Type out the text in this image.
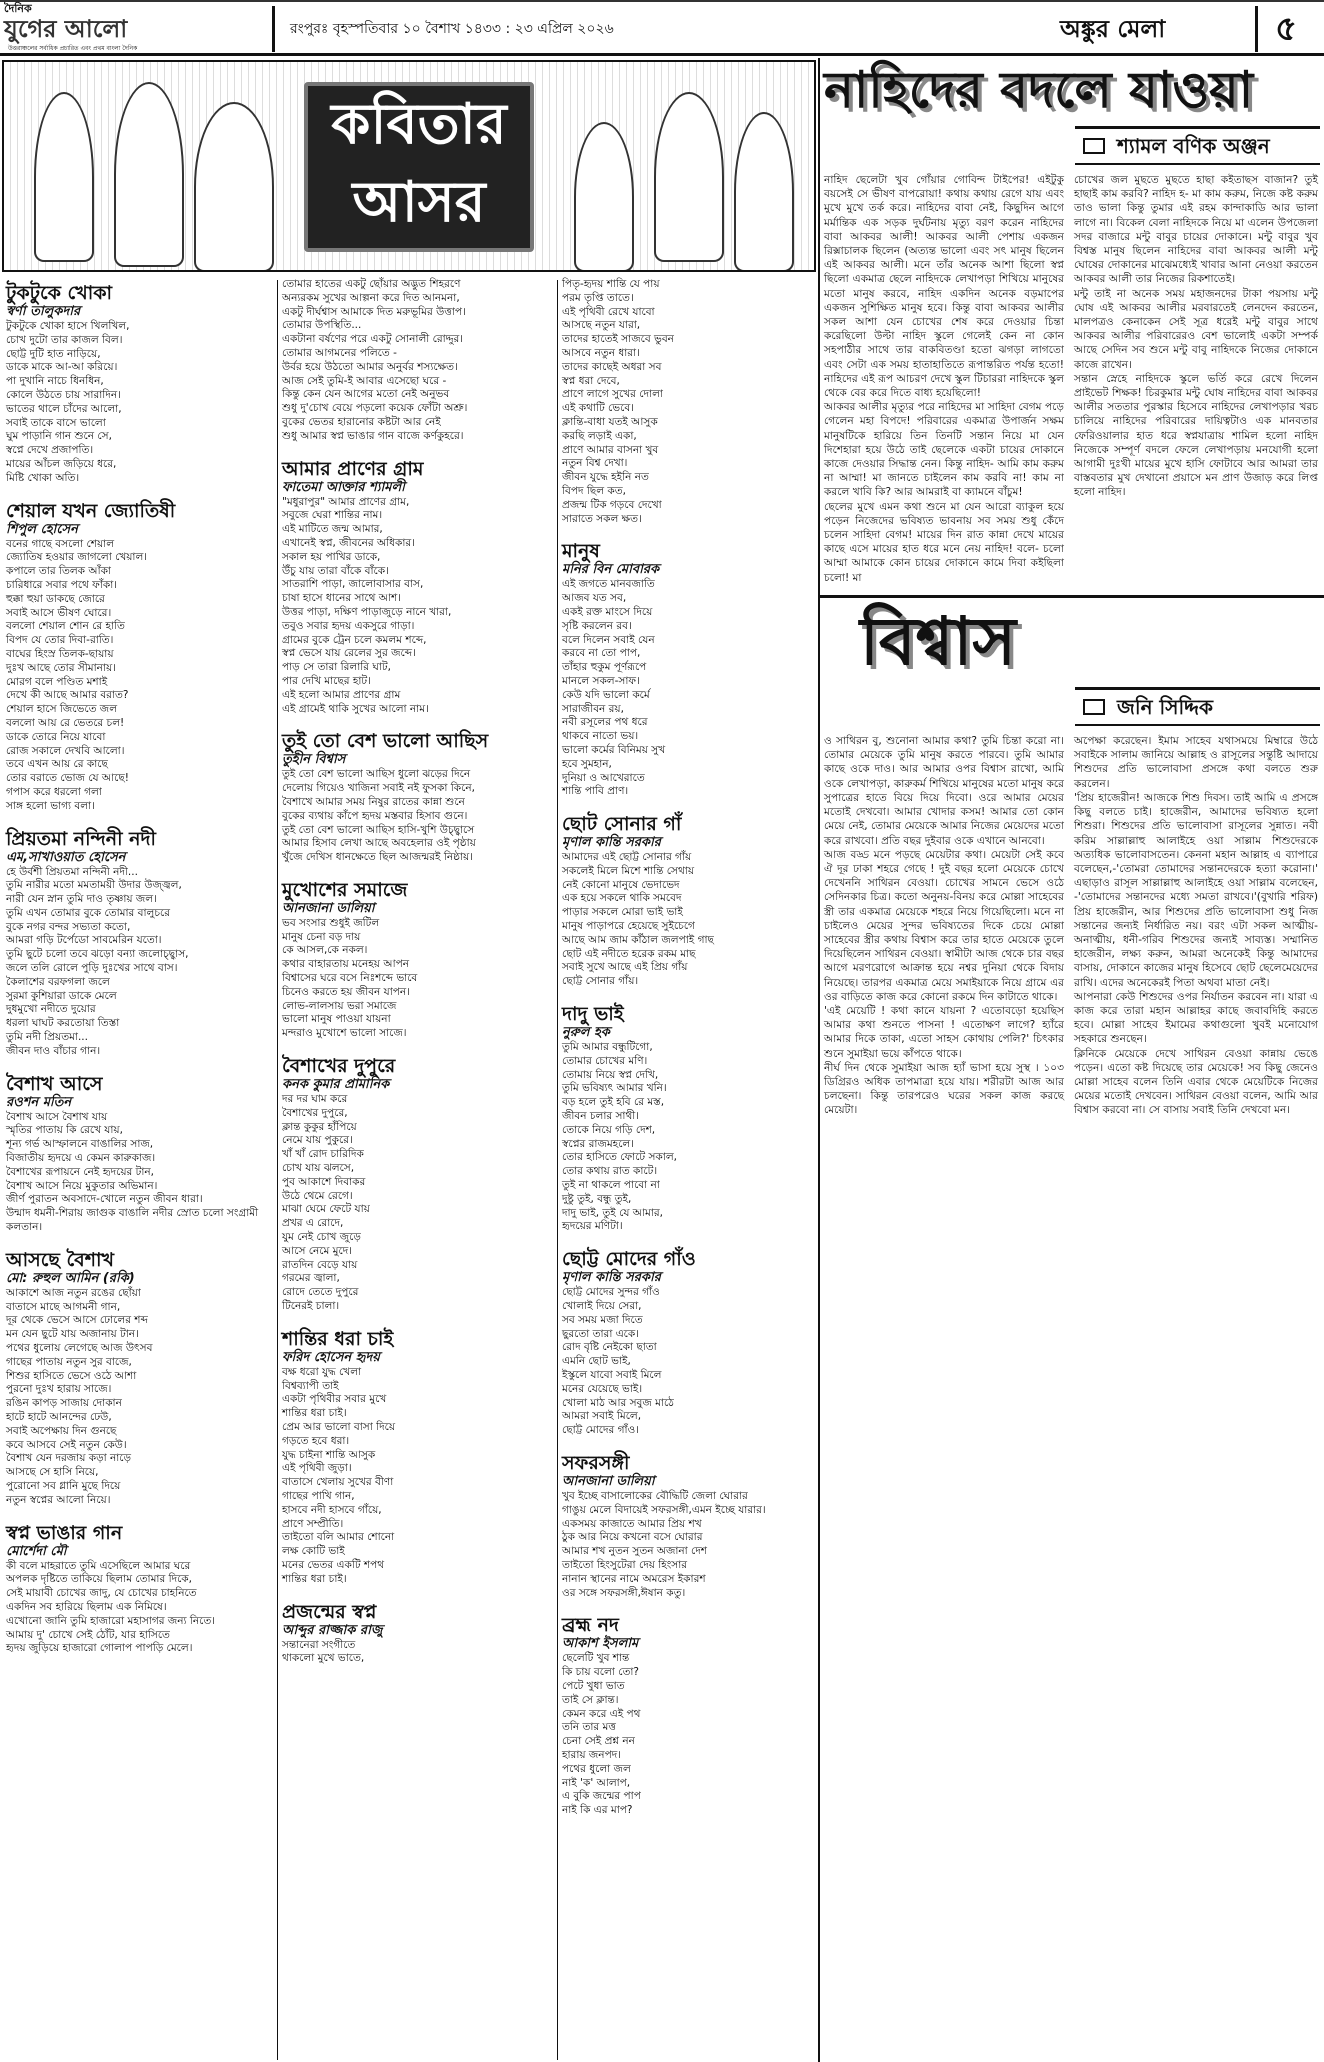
দৈনিক
যুগের আলো
উত্তরাঞ্চলের সর্বাধিক প্রচারিত এবং প্রথম বাংলা দৈনিক
রংপুরঃ বৃহস্পতিবার ১০ বৈশাখ ১৪৩৩ : ২৩ এপ্রিল ২০২৬	অঙ্কুর মেলা	৫
কবিতার আসর
টুকটুকে খোকা
স্বর্ণা তালুকদার
টুকটুকে খোকা হাসে খিলখিল,
চোখ দুটো তার কাজল বিল।
ছোট্ট দুটি হাত নাড়িয়ে,
ডাকে মাকে আ-আ করিয়ে।
পা দুখানি নাচে ধিনধিন,
কোলে উঠতে চায় সারাদিন।
ভাতের থালে চাঁদের আলো,
সবাই তাকে বাসে ভালো
ঘুম পাড়ানি গান শুনে সে,
স্বপ্নে দেখে প্রজাপতি।
মায়ের আঁচল জড়িয়ে ধরে,
মিষ্টি খোকা অতি।
শেয়াল যখন জ্যোতিষী
শিপুল হোসেন
বনের গাছে বসলো শেয়াল
জ্যোতিষ হওয়ার জাগলো খেয়াল।
কপালে তার তিলক আঁকা
চারিধারে সবার পথে ফাঁকা।
হুক্কা হুয়া ডাকছে জোরে
সবাই আসে ভীষণ ঘোরে।
বললো শেয়াল শোন রে হাতি
বিপদ যে তোর দিবা-রাতি।
বাঘের হিংস্র তিলক-ছায়ায়
দুঃখ আছে তোর সীমানায়।
মোরগ বলে পণ্ডিত মশাই
দেখে কী আছে আমার বরাত?
শেয়াল হাসে জিভেতে জল
বললো আয় রে ভেতরে চল!
ডাকে তোরে নিয়ে যাবো
রোজ সকালে দেখবি আলো।
তবে এখন আয় রে কাছে
তোর বরাতে ভোজ যে আছে!
গপাস করে ধরলো গলা
সাঙ্গ হলো ভাগ্য বলা।
প্রিয়তমা নন্দিনী নদী
এম,সাখাওয়াত হোসেন
হে উর্বশী প্রিয়তমা নন্দিনী নদী...
তুমি নারীর মতো মমতাময়ী উদার উজ্জ্বল,
নারী যেন স্নান তুমি দাও তৃষ্ণায় জল।
তুমি এখন তোমার বুকে তোমার বালুচরে
বুকে নগর বন্দর সভ্যতা কতো,
আমরা গড়ি টর্পেডো সাবমেরিন যতো।
তুমি ছুটে চলো তবে ঝড়ো বন্যা জলোচ্ছ্বাস,
জলে তলি রোলে পুড়ি দুঃখের সাথে বাস।
কৈলাশের বরফগলা জলে
সুরমা কুশিয়ারা ডাকে মেলে
দুধমুখো নদীতে দুয়োর
ধরলা ঘাঘট করতোয়া তিস্তা
তুমি নদী প্রিয়তমা...
জীবন দাও বাঁচার গান।
বৈশাখ আসে
রওশন মতিন
বৈশাখ আসে বৈশাখ যায়
স্মৃতির পাতায় কি রেখে যায়,
শূন্য গর্ভ আস্ফালনে বাঙালির সাজ,
বিজাতীয় হৃদয়ে এ কেমন কারুকাজ।
বৈশাখের রূপায়নে নেই হৃদয়ের টান,
বৈশাখ আসে নিয়ে মুকুতার অভিমান।
জীর্ণ পুরাতন অবসাদে-খোলে নতুন জীবন ধারা।
উন্মাদ ধমনী-শিরায় জাগুক বাঙালি নদীর স্রোত চলো সংগ্রামী কলতান।
আসছে বৈশাখ
মো: রুহুল আমিন (রকি)
আকাশে আজ নতুন রঙের ছোঁয়া
বাতাসে মাছে আগমনী গান,
দূর থেকে ভেসে আসে ঢোলের শব্দ
মন যেন ছুটে যায় অজানায় টান।
পথের ধুলোয় লেগেছে আজ উৎসব
গাছের পাতায় নতুন সুর বাজে,
শিশুর হাসিতে ভেসে ওঠে আশা
পুরনো দুঃখ হারায় সাজে।
রঙিন কাপড় সাজায় দোকান
হাটে হাটে আনন্দের ঢেউ,
সবাই অপেক্ষায় দিন গুনছে
কবে আসবে সেই নতুন কেউ।
বৈশাখ যেন দরজায় কড়া নাড়ে
আসছে সে হাসি নিয়ে,
পুরোনো সব গ্লানি মুছে দিয়ে
নতুন স্বপ্নের আলো নিয়ে।
স্বপ্ন ভাঙার গান
মোর্শেদা মৌ
কী বলে মাহরাতে তুমি এসেছিলে আমার ঘরে
অপলক দৃষ্টিতে তাকিয়ে ছিলাম তোমার দিকে,
সেই মায়াবী চোখের জাদু, যে চোখের চাহনিতে
একদিন সব হারিয়ে ছিলাম এক নিমিষে।
এখোনো জানি তুমি হাজারো মহাসাগর জন্য নিতে।
আমায় দু' চোখে সেই ঠোঁট, যার হাসিতে
হৃদয় জুড়িয়ে হাজারো গোলাপ পাপড়ি মেলে।
তোমার হাতের একটু ছোঁয়ার অদ্ভুত শিহরণে
অন্যরকম সুখের আল্পনা করে দিত আনমনা,
একটু দীর্ঘশ্বাস আমাকে দিত মরুভূমির উত্তাপ।
তোমার উপস্থিতি...
একটানা বর্ষণের পরে একটু সোনালী রোদ্দুর।
তোমার আগমনের পলিতে -
উর্বর হয়ে উঠতো আমার অনুর্বর শস্যক্ষেত।
আজ সেই তুমি-ই আবার এসেছো ঘরে -
কিন্তু কেন যেন আগের মতো নেই অনুভব
শুধু দু'চোখ বেয়ে পড়লো কয়েক ফোঁটা অশ্রু।
বুকের ভেতর হারানোর কষ্টটা আর নেই
শুধু আমার স্বপ্ন ভাঙার গান বাজে কর্ণকুহরে।
আমার প্রাণের গ্রাম
ফাতেমা আক্তার শ্যামলী
"মধুরাপুর" আমার প্রাণের গ্রাম,
সবুজে ঘেরা শান্তির নাম।
এই মাটিতে জন্ম আমার,
এখানেই স্বপ্ন, জীবনের অধিকার।
সকাল হয় পাখির ডাকে,
উঁচু যায় তারা বাঁকে বাঁকে।
সাতরাশি পাড়া, জালোবাসার বাস,
চাষা হাসে ধানের সাথে আশ।
উত্তর পাড়া, দক্ষিণ পাড়াজুড়ে নানে খারা,
তবুও সবার হৃদয় একসুরে গাড়া।
গ্রামের বুকে ট্রেন চলে কমলম শব্দে,
স্বপ্ন ভেসে যায় রেলের সুর জব্দে।
পাড় সে তারা রিলারি ঘাট,
পার দেখি মাছের হাট।
এই হলো আমার প্রাণের গ্রাম
এই গ্রামেই থাকি সুখের আলো নাম।
তুই তো বেশ ভালো আছিস
তুহীন বিশ্বাস
তুই তো বেশ ভালো আছিস ধুলো ঝড়ের দিনে
দেলোয় গিয়েও খাজিনা সবাই নই ফুসকা কিনে,
বৈশাখে আমার সময় নিষুর রাতের কান্না শুনে
বুকের ব্যথায় কাঁপে হৃদয় মস্তবার হিসাব গুনে।
তুই তো বেশ ভালো আছিস হাসি-খুশি উচ্ছ্বাসে
আমার হিসাব লেখা আছে অবহেলার ওই পৃষ্ঠায়
খুঁজে দেখিস ধানক্ষেতে ছিল আজন্মরই নিষ্ঠায়।
মুখোশের সমাজে
আনজানা ডালিয়া
ভব সংসার শুধুই জটিল
মানুষ চেনা বড় দায়
কে আসল,কে নকল।
কথার বাহারতায় মনেহয় আপন
বিশ্বাসের ঘরে বসে নিঃশব্দে ভাবে
চিনেও করতে হয় জীবন যাপন।
লোভ-লালসায় ভরা সমাজে
ভালো মানুষ পাওয়া যায়না
মন্দরাও মুখোশে ভালো সাজে।
বৈশাখের দুপুরে
কনক কুমার প্রামানিক
দর দর ঘাম করে
বৈশাখের দুপুরে,
ক্লান্ত কুকুর হাঁপিয়ে
নেমে যায় পুকুরে।
খাঁ খাঁ রোদ চারিদিক
চোখ যায় ঝলসে,
পুব আকাশে দিবাকর
উঠে থেমে রেগে।
মাঝা ঘেমে ফেটে যায়
প্রখর এ রোদে,
যুম নেই চোখ জুড়ে
আসে নেমে মুদে।
রাতদিন বেড়ে যায়
গরমের জ্বালা,
রোদে তেতে দুপুরে
টিনেরই চালা।
শান্তির ধরা চাই
ফরিদ হোসেন হৃদয়
বক্ষ ধরো যুদ্ধ খেলা
বিশ্বব্যাপী তাই
একটা পৃথিবীর সবার মুখে
শান্তির ধরা চাই।
প্রেম আর ভালো বাসা দিয়ে
গড়তে হবে ধরা।
যুদ্ধ চাইনা শান্তি আসুক
এই পৃথিবী জুড়া।
বাতাসে খেলায় সুখের বীণা
গাছের পাখি গান,
হাসবে নদী হাসবে গাঁয়ে,
প্রাণে সম্প্রীতি।
তাইতো বলি আমার শোনো
লক্ষ কোটি ভাই
মনের ভেতর একটি শপথ
শান্তির ধরা চাই।
প্রজন্মের স্বপ্ন
আব্দুর রাজ্জাক রাজু
সন্তানেরা সংগীতে
থাকলো মুখে ভাতে,
পিতৃ-হৃদয় শান্তি যে পায়
পরম তৃপ্তি তাতে।
এই পৃথিবী রেখে যাবো
আসছে নতুন যারা,
তাদের হাতেই সাজবে ভুবন
আসবে নতুন ধারা।
তাদের কাছেই অধরা সব
স্বপ্ন ধরা দেবে,
প্রাণে লাগে সুখের দোলা
এই কথাটি ভেবে।
ক্লান্তি-বাধা যতই আসুক
করছি লড়াই একা,
প্রাণে আমার বাসনা খুব
নতুন বিশ্ব দেখা।
জীবন যুদ্ধে হইনি নত
বিপদ ছিল কত,
প্রজন্ম টিক গড়বে দেখো
সারাতে সকল ক্ষত।
মানুষ
মনির বিন মোবারক
এই জগতে মানবজাতি
আজব যত সব,
একই রক্ত মাংসে দিয়ে
সৃষ্টি করলেন রব।
বলে দিলেন সবাই যেন
করবে না তো পাপ,
তাঁহার হুকুম পূর্ণরূপে
মানলে সকল-সাফ।
কেউ যদি ভালো কর্মে
সারাজীবন রয়,
নবী রসূলের পথ ধরে
থাকবে নাতো ভয়।
ভালো কর্মের বিনিময় সুখ
হবে সুমহান,
দুনিয়া ও আখেরাতে
শান্তি পাবি প্রাণ।
ছোট সোনার গাঁ
মৃণাল কান্তি সরকার
আমাদের এই ছোট্ট সোনার গাঁয়
সকলেই মিলে মিশে শান্তি সেথায়
নেই কোনো মানুষে ভেদাভেদ
এক হয়ে সকলে থাকি সমবেদ
পাড়ার সকলে মোরা ভাই ভাই
মানুষ পাড়াপরে হেয়েছে সুইচেগে
আছে আম জাম কাঁঠাল জলপাই গাছ
ছোট এই নদীতে হরেক রকম মাছ
সবাই সুখে আছে এই প্রিয় গাঁয়
ছোট্ট সোনার গাঁয়।
দাদু ভাই
নুরুল হক
তুমি আমার বন্ধুটিগো,
তোমার চোখের মণি।
তোমায় নিয়ে স্বপ্ন দেখি,
তুমি ভবিষ্যৎ আমার খনি।
বড় হলে তুই হবি রে মস্ত,
জীবন চলার সাথী।
তোকে নিয়ে গড়ি দেশ,
স্বপ্নের রাজমহলে।
তোর হাসিতে ফোটে সকাল,
তোর কথায় রাত কাটে।
তুই না থাকলে পাবো না
দুষ্টু তুই, বন্ধু তুই,
দাদু ভাই, তুই যে আমার,
হৃদয়ের মণিটা।
ছোট্ট মোদের গাঁও
মৃণাল কান্তি সরকার
ছোট্ট মোদের সুন্দর গাঁও
খোলাই দিয়ে সেরা,
সব সময় মজা দিতে
ছুরতো তারা একে।
রোদ বৃষ্টি নেইকো ছাতা
এমনি ছোট ভাই,
ইস্কুলে যাবো সবাই মিলে
মনের যেয়েছে ভাই।
খোলা মাঠ আর সবুজ মাঠে
আমরা সবাই মিলে,
ছোট্ট মোদের গাঁও।
সফরসঙ্গী
আনজানা ডালিয়া
খুব ইচ্ছে বাসালোকের বৌদ্ধিটি জেলা ঘোরার
গাঙুয় মেলে বিদায়েই সফরসঙ্গী,এমন ইচ্ছে যারার।
একসময় কাজাতে আমার প্রিয় শখ
ঠুক আর নিয়ে কখনো বসে ঘোরার
আমার শখ নুতন সুতন অজানা দেশ
তাইতো হিংসুটেরা দেয় হিংসার
নানান স্থানের নামে অমরেস ইকারশ
ওর সঙ্গে সফরসঙ্গী,ঈষান কতু।
ব্রহ্ম নদ
আকাশ ইসলাম
ছেলেটি খুব শান্ত
কি চায় বলো তো?
পেটে খুধা ভাত
তাই সে ক্লান্ত।
কেমন করে এই পথ
তনি তার মত্ত
চেনা সেই প্রশ্ন নন
হারায় জনপদ।
পথের ধুলো জল
নাই 'ক' আলাপ,
এ বুকি জন্মের পাপ
নাই কি এর মাপ?
নাহিদের বদলে যাওয়া
শ্যামল বণিক অঞ্জন

নাহিদ ছেলেটা খুব গোঁয়ার গোবিন্দ টাইপের! এইটুকু বয়সেই সে ভীষণ বাপরোয়া! কথায় কথায় রেগে যায় এবং মুখে মুখে তর্ক করে। নাহিদের বাবা নেই, কিছুদিন আগে মর্মান্তিক এক সড়ক দুর্ঘটনায় মৃত্যু বরণ করেন নাহিদের বাবা আকবর আলী! আকবর আলী পেশায় একজন রিক্সাচালক ছিলেন (অত্যন্ত ভালো এবং সৎ মানুষ ছিলেন এই আকবর আলী। মনে তাঁর অনেক আশা ছিলো স্বপ্ন ছিলো একমাত্র ছেলে নাহিদকে লেখাপড়া শিখিয়ে মানুষের মতো মানুষ করবে, নাহিদ একদিন অনেক বড়মাপের একজন সুশিক্ষিত মানুষ হবে। কিন্তু বাবা আকবর আলীর সকল আশা যেন চোখের শেষ করে দেওয়ার চিন্তা করেছিলো উল্টা নাহিদ স্কুলে গেলেই কেন না কোন সহপাঠীর সাথে তার বাকবিতণ্ডা হতো ঝগড়া লাগতো এবং সেটা এক সময় হাতাহাতিতে রূপান্তরিত পর্যন্ত হতো! নাহিদের এই রূপ আচরণ দেখে স্কুল টিচাররা নাহিদকে স্কুল থেকে বের করে দিতে বাধ্য হয়েছিলো!

আকবর আলীর মৃত্যুর পরে নাহিদের মা সাহিদা বেগম পড়ে গেলেন মহা বিপদে! পরিবারের একমাত্র উপার্জন সক্ষম মানুষটিকে হারিয়ে তিন তিনটি সন্তান নিয়ে মা যেন দিশেহারা হয়ে উঠে তাই ছেলেকে একটা চায়ের দোকানে কাজে দেওয়ার সিদ্ধান্ত নেন। কিন্তু নাহিদ- আমি কাম করুম না আম্মা! মা জানতে চাইলেন কাম করবি না! কাম না করলে খাবি কি? আর আমরাই বা ক্যামনে বাঁচুম!

ছেলের মুখে এমন কথা শুনে মা যেন আরো ব্যাকুল হয়ে পড়েন নিজেদের ভবিষ্যত ভাবনায় সব সময় শুধু কেঁদে চলেন সাহিদা বেগম! মায়ের দিন রাত কান্না দেখে মায়ের কাছে এসে মায়ের হাত ধরে মনে নেয় নাহিদ! বলে- চলো আম্মা আমাকে কোন চায়ের দোকানে কামে দিবা কইছিলা চলো! মা

চোখের জল মুছতে মুছতে হাছা কইতাছস বাজান? তুই হাছাই কাম করবি? নাহিদ হ- মা কাম করুম, নিজে কষ্ট করুম তাও ভালা কিন্তু তুমার এই রহম কান্দাকাডি আর ভালা লাগে না। বিকেল বেলা নাহিদকে নিয়ে মা এলেন উপজেলা সদর বাজারে মন্টু বাবুর চায়ের দোকানে। মন্টু বাবুর খুব বিশ্বস্ত মানুষ ছিলেন নাহিদের বাবা আকবর আলী মন্টু ঘোষের দোকানের মাঝেমধ্যেই খাবার আনা নেওয়া করতেন আকবর আলী তার নিজের রিকশাতেই।

মন্টু তাই না অনেক সময় মহাজনদের টাকা পয়সায় মন্টু ঘোষ এই আকবর আলীর মরবারতেই লেনদেন করতেন, মালপত্রও কেনাকেন সেই সূত্র ধরেই মন্টু বাবুর সাথে আকবর আলীর পরিবারেরও বেশ ভালোই একটা সম্পর্ক আছে সেদিন সব শুনে মন্টু বাবু নাহিদকে নিজের দোকানে কাজে রাখেন।

সন্তান স্নেহে নাহিদকে স্কুলে ভর্তি করে রেখে দিলেন প্রাইভেট শিক্ষক! চিরকুমার মন্টু ঘোষ নাহিদের বাবা আকবর আলীর সততার পুরস্কার হিসেবে নাহিদের লেখাপড়ার খরচ চালিয়ে নাহিদের পরিবারের দায়িত্বটাও এক মানবতার ফেরিওয়ালার হাত ধরে স্বপ্নযাত্রায় শামিল হলো নাহিদ নিজেকে সম্পূর্ণ বদলে ফেলে লেখাপড়ায় মনযোগী হলো আগামী দুঃখী মায়ের মুখে হাসি ফোটাবে আর আমরা তার বাস্তবতার মুখ দেখানো প্রয়াসে মন প্রাণ উজাড় করে লিপ্ত হলো নাহিদ।

বিশ্বাস
জনি সিদ্দিক

ও সাথিরন বু, শুনোনা আমার কথা? তুমি চিন্তা করো না। তোমার মেয়েকে তুমি মানুষ করতে পারবে। তুমি আমার কাছে ওকে দাও। আর আমার ওপর বিশ্বাস রাখো, আমি ওকে লেখাপড়া, কারুকর্ম শিখিয়ে মানুষের মতো মানুষ করে সুপাত্রের হাতে বিয়ে দিয়ে দিবো। ওরে আমার মেয়ের মতোই দেখবো। আমার খোদার কসম! আমার তো কোন মেয়ে নেই, তোমার মেয়েকে আমার নিজের মেয়েদের মতো করে রাখবো। প্রতি বছর দুইবার ওকে এখানে আনবো।

আজ বড্ড মনে পড়ছে মেয়েটার কথা। মেয়েটা সেই কবে ঐ দূর ঢাকা শহরে গেছে ! দুই বছর হলো মেয়েকে চোখে দেখেননি সাথিরন বেওয়া। চোখের সামনে ভেসে ওঠে সেদিনকার চিত্র। কতো অনুনয়-বিনয় করে মোল্লা সাহেবের স্ত্রী তার একমাত্র মেয়েকে শহরে নিয়ে গিয়েছিলো। মনে না চাইলেও মেয়ের সুন্দর ভবিষ্যতের দিকে চেয়ে মোল্লা সাহেবের স্ত্রীর কথায় বিশ্বাস করে তার হাতে মেয়েকে তুলে দিয়েছিলেন সাথিরন বেওয়া। স্বামীটা আজ থেকে চার বছর আগে মরণরোগে আক্রান্ত হয়ে নশ্বর দুনিয়া থেকে বিদায় নিয়েছে। তারপর একমাত্র মেয়ে সমাইয়াকে নিয়ে গ্রামে এর ওর বাড়িতে কাজ করে কোনো রকমে দিন কাটাতে থাকে।

'এই মেয়েটি ! কথা কানে যায়না ? এতোবড়ো হয়েছিস আমার কথা শুনতে পাসনা ! এতোক্ষণ লাগে? হ্যাঁরে আমার দিকে তাকা, এতো সাহস কোথায় পেলি?' চিৎকার শুনে সুমাইয়া ভয়ে কাঁপতে থাকে।

নীর্ঘ দিন থেকে সুমাইয়া আজ হ্যাঁ ভাসা হয়ে সুস্থ । ১০৩ ডিগ্রিরও অধিক তাপমাত্রা হয়ে যায়। শরীরটা আজ আর চলছেনা। কিন্তু তারপরেও ঘরের সকল কাজ করছে মেয়েটা।

অপেক্ষা করেছেন। ইমাম সাহেব যথাসময়ে মিম্বারে উঠে সবাইকে সালাম জানিয়ে আল্লাহ ও রাসূলের সন্তুষ্টি আদায়ে শিশুদের প্রতি ভালোবাসা প্রসঙ্গে কথা বলতে শুরু করলেন।

'প্রিয় হাজেরীন! আজকে শিশু দিবস। তাই আমি এ প্রসঙ্গে কিছু বলতে চাই। হাজেরীন, আমাদের ভবিষ্যত হলো শিশুরা। শিশুদের প্রতি ভালোবাসা রাসূলের সুন্নাত। নবী করিম সাল্লাল্লাহু আলাইহে ওয়া সাল্লাম শিশুদেরকে অত্যধিক ভালোবাসতেন। কেননা মহান আল্লাহ এ ব্যাপারে বলেছেন,-'তোমরা তোমাদের সন্তানদেরকে হত্যা করোনা।' এছাড়াও রাসূল সাল্লাল্লাহু আলাইহে ওয়া সাল্লাম বলেছেন, -'তোমাদের সন্তানদের মধ্যে সমতা রাখবে।'(বুখারি শরিফ) প্রিয় হাজেরীন, আর শিশুদের প্রতি ভালোবাসা শুধু নিজ সন্তানের জন্যই নির্ধারিত নয়। বরং এটা সকল আত্মীয়-অনাত্মীয়, ধনী-গরিব শিশুদের জন্যই সাব্যস্ত। সম্মানিত হাজেরীন, লক্ষ্য করুন, আমরা অনেকেই কিন্তু আমাদের বাসায়, দোকানে কাজের মানুষ হিসেবে ছোট ছেলেমেয়েদের রাখি। এদের অনেকেরই পিতা অথবা মাতা নেই।

আপনারা কেউ শিশুদের ওপর নির্যাতন করবেন না। যারা এ কাজ করে তারা মহান আল্লাহর কাছে জবাবদিহি করতে হবে। মোল্লা সাহেব ইমামের কথাগুলো খুবই মনোযোগ সহকারে শুনছেন।

ক্লিনিকে মেয়েকে দেখে সাথিরন বেওয়া কান্নায় ভেঙে পড়েন। এতো কষ্ট দিয়েছে তার মেয়েকে! সব কিছু জেনেও মোল্লা সাহেব বলেন তিনি এবার থেকে মেয়েটিকে নিজের মেয়ের মতোই দেখবেন। সাথিরন বেওয়া বলেন, আমি আর বিশ্বাস করবো না। সে বাসায় সবাই তিনি দেখবো মন।
